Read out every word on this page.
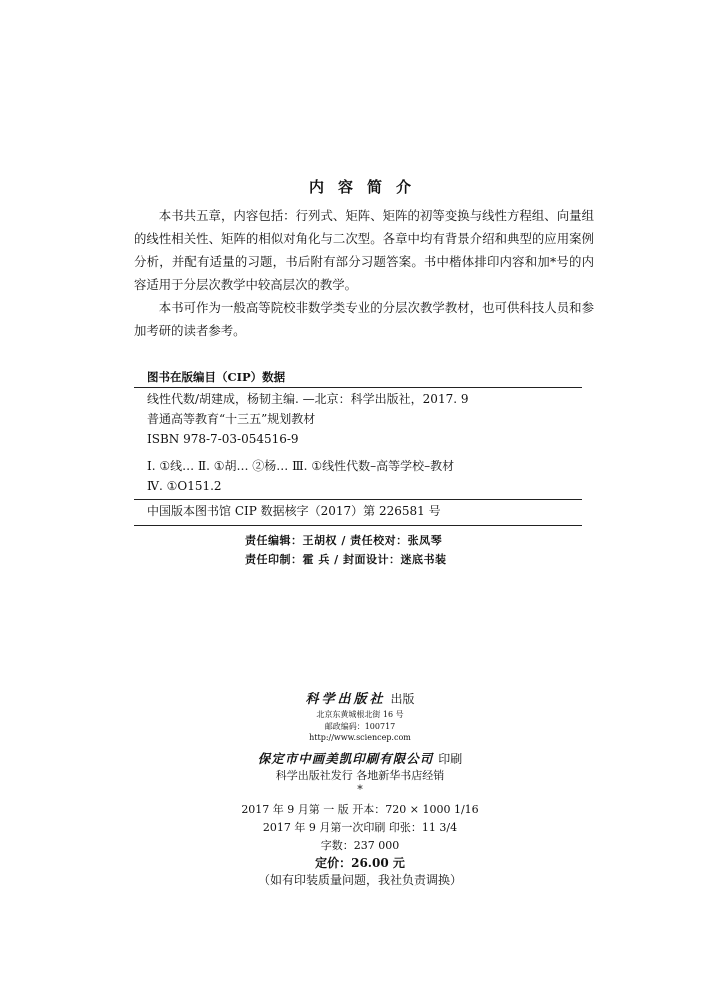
内容简介

本书共五章，内容包括：行列式、矩阵、矩阵的初等变换与线性方程组、向量组的线性相关性、矩阵的相似对角化与二次型。各章中均有背景介绍和典型的应用案例分析，并配有适量的习题，书后附有部分习题答案。书中楷体排印内容和加*号的内容适用于分层次教学中较高层次的教学。

本书可作为一般高等院校非数学类专业的分层次教学教材，也可供科技人员和参加考研的读者参考。

图书在版编目（CIP）数据
线性代数/胡建成，杨韧主编. —北京：科学出版社，2017. 9
普通高等教育“十三五”规划教材
ISBN 978-7-03-054516-9
Ⅰ. ①线… Ⅱ. ①胡… ②杨… Ⅲ. ①线性代数–高等学校–教材
Ⅳ. ①O151.2
中国版本图书馆 CIP 数据核字（2017）第 226581 号
责任编辑：王胡权 / 责任校对：张凤琴
责任印制：霍 兵 / 封面设计：迷底书装
科学出版社 出版
北京东黄城根北街 16 号
邮政编码：100717
http://www.sciencep.com
保定市中画美凯印刷有限公司 印刷
科学出版社发行 各地新华书店经销
*
2017 年 9 月第 一 版 开本：720 × 1000 1/16
2017 年 9 月第一次印刷 印张：11 3/4
字数：237 000
定价：26.00 元
（如有印装质量问题，我社负责调换）
